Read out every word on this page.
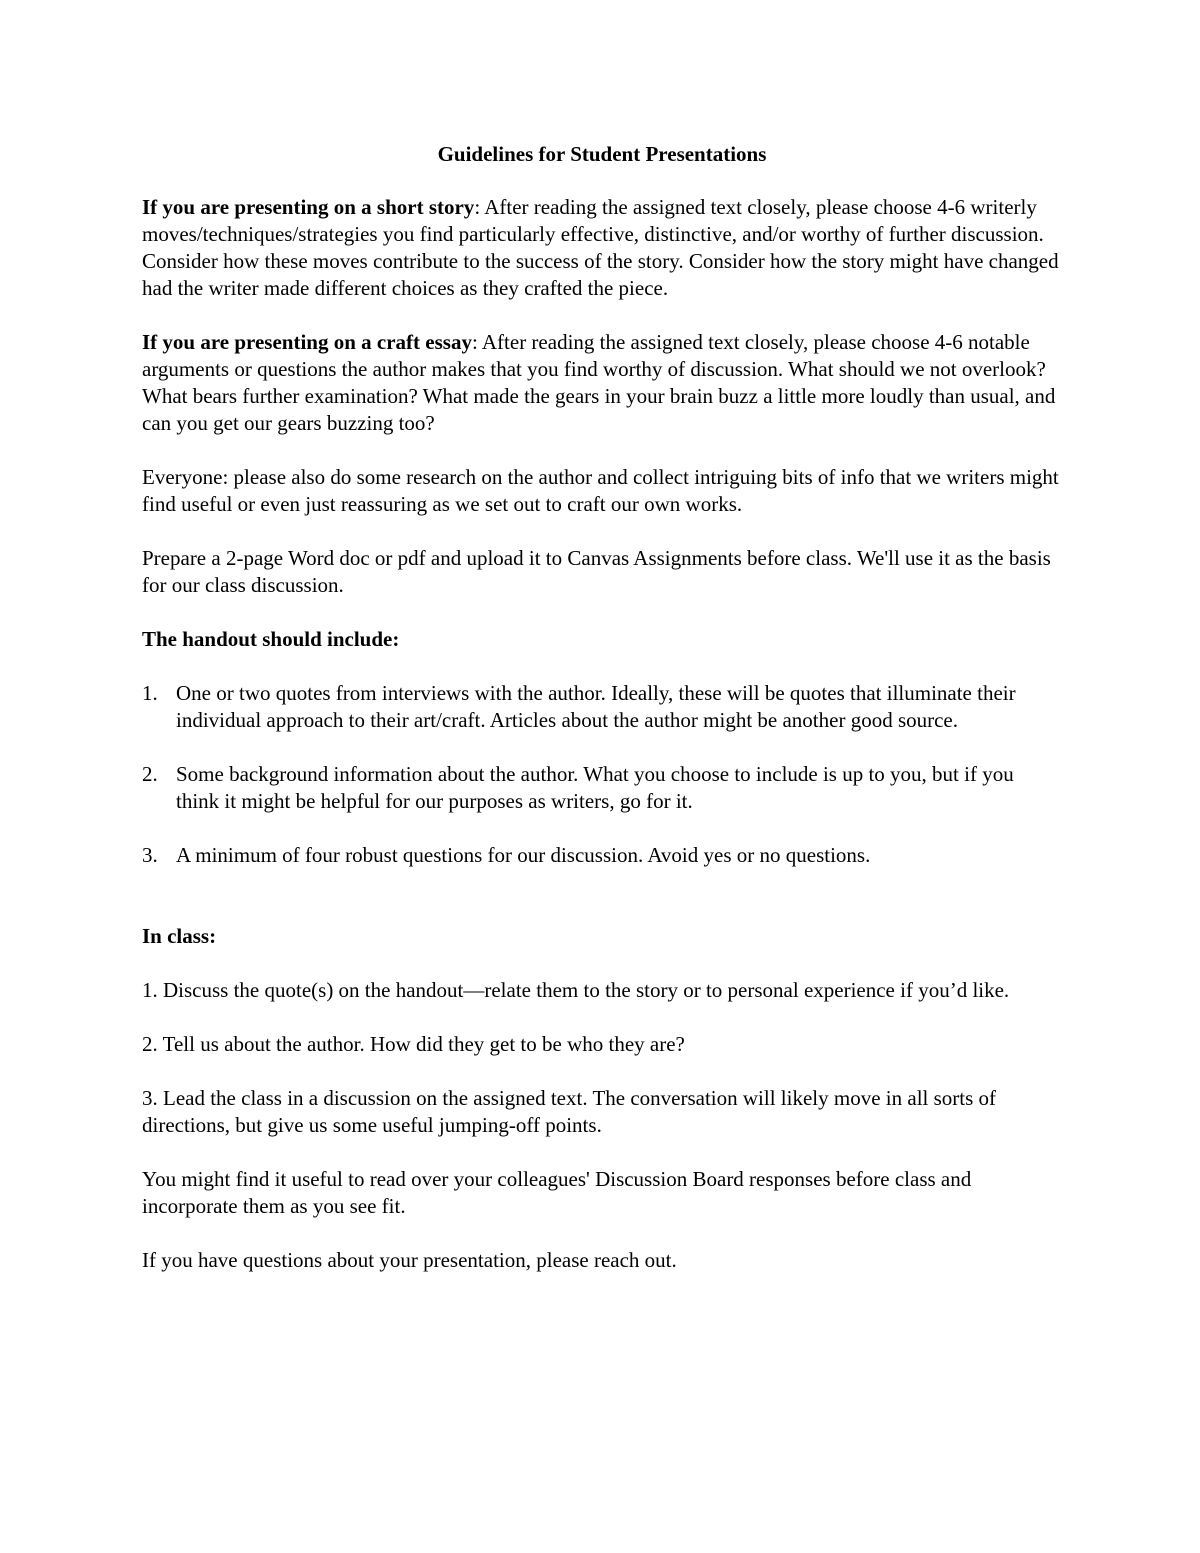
Guidelines for Student Presentations

If you are presenting on a short story: After reading the assigned text closely, please choose 4-6 writerly moves/techniques/strategies you find particularly effective, distinctive, and/or worthy of further discussion. Consider how these moves contribute to the success of the story. Consider how the story might have changed had the writer made different choices as they crafted the piece.

If you are presenting on a craft essay: After reading the assigned text closely, please choose 4-6 notable arguments or questions the author makes that you find worthy of discussion. What should we not overlook? What bears further examination? What made the gears in your brain buzz a little more loudly than usual, and can you get our gears buzzing too?

Everyone: please also do some research on the author and collect intriguing bits of info that we writers might find useful or even just reassuring as we set out to craft our own works.

Prepare a 2-page Word doc or pdf and upload it to Canvas Assignments before class. We'll use it as the basis for our class discussion.

The handout should include:

1. One or two quotes from interviews with the author. Ideally, these will be quotes that illuminate their individual approach to their art/craft. Articles about the author might be another good source.
2. Some background information about the author. What you choose to include is up to you, but if you think it might be helpful for our purposes as writers, go for it.
3. A minimum of four robust questions for our discussion. Avoid yes or no questions.

In class:

1. Discuss the quote(s) on the handout—relate them to the story or to personal experience if you’d like.

2. Tell us about the author. How did they get to be who they are?

3. Lead the class in a discussion on the assigned text. The conversation will likely move in all sorts of directions, but give us some useful jumping-off points.

You might find it useful to read over your colleagues' Discussion Board responses before class and incorporate them as you see fit.

If you have questions about your presentation, please reach out.
